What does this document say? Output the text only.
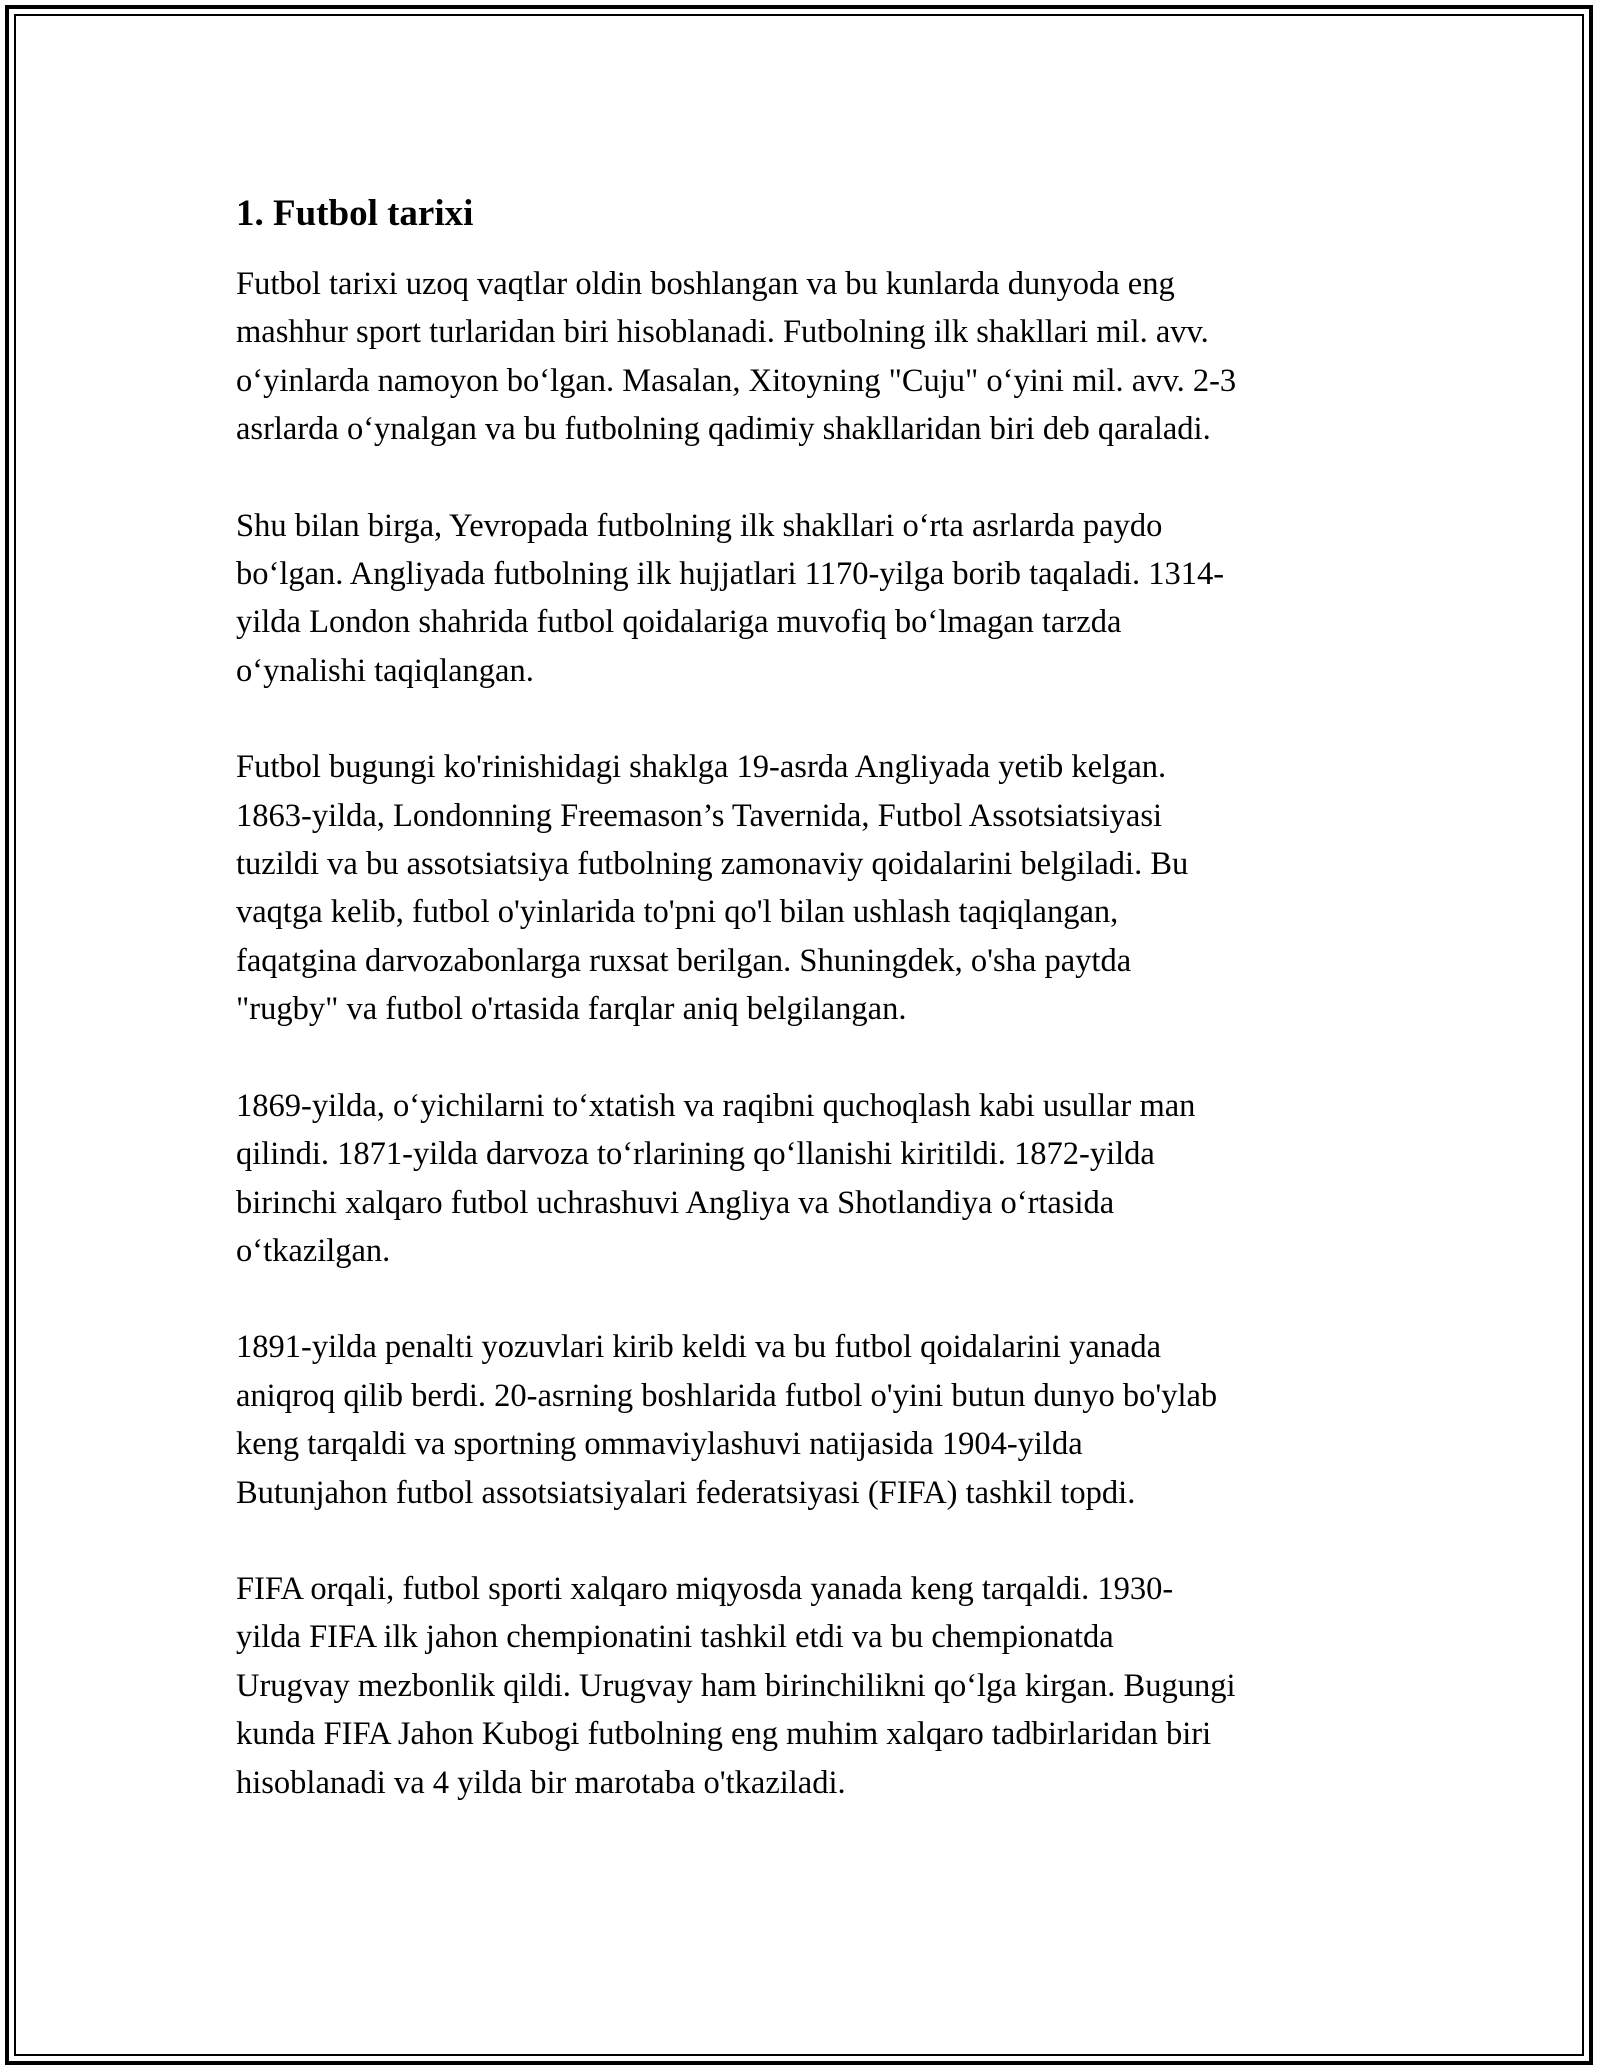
1. Futbol tarixi
Futbol tarixi uzoq vaqtlar oldin boshlangan va bu kunlarda dunyoda eng
mashhur sport turlaridan biri hisoblanadi. Futbolning ilk shakllari mil. avv.
o‘yinlarda namoyon bo‘lgan. Masalan, Xitoyning "Cuju" o‘yini mil. avv. 2-3
asrlarda o‘ynalgan va bu futbolning qadimiy shakllaridan biri deb qaraladi.
Shu bilan birga, Yevropada futbolning ilk shakllari o‘rta asrlarda paydo
bo‘lgan. Angliyada futbolning ilk hujjatlari 1170-yilga borib taqaladi. 1314-
yilda London shahrida futbol qoidalariga muvofiq bo‘lmagan tarzda
o‘ynalishi taqiqlangan.
Futbol bugungi ko'rinishidagi shaklga 19-asrda Angliyada yetib kelgan.
1863-yilda, Londonning Freemason’s Tavernida, Futbol Assotsiatsiyasi
tuzildi va bu assotsiatsiya futbolning zamonaviy qoidalarini belgiladi. Bu
vaqtga kelib, futbol o'yinlarida to'pni qo'l bilan ushlash taqiqlangan,
faqatgina darvozabonlarga ruxsat berilgan. Shuningdek, o'sha paytda
"rugby" va futbol o'rtasida farqlar aniq belgilangan.
1869-yilda, o‘yichilarni to‘xtatish va raqibni quchoqlash kabi usullar man
qilindi. 1871-yilda darvoza to‘rlarining qo‘llanishi kiritildi. 1872-yilda
birinchi xalqaro futbol uchrashuvi Angliya va Shotlandiya o‘rtasida
o‘tkazilgan.
1891-yilda penalti yozuvlari kirib keldi va bu futbol qoidalarini yanada
aniqroq qilib berdi. 20-asrning boshlarida futbol o'yini butun dunyo bo'ylab
keng tarqaldi va sportning ommaviylashuvi natijasida 1904-yilda
Butunjahon futbol assotsiatsiyalari federatsiyasi (FIFA) tashkil topdi.
FIFA orqali, futbol sporti xalqaro miqyosda yanada keng tarqaldi. 1930-
yilda FIFA ilk jahon chempionatini tashkil etdi va bu chempionatda
Urugvay mezbonlik qildi. Urugvay ham birinchilikni qo‘lga kirgan. Bugungi
kunda FIFA Jahon Kubogi futbolning eng muhim xalqaro tadbirlaridan biri
hisoblanadi va 4 yilda bir marotaba o'tkaziladi.
